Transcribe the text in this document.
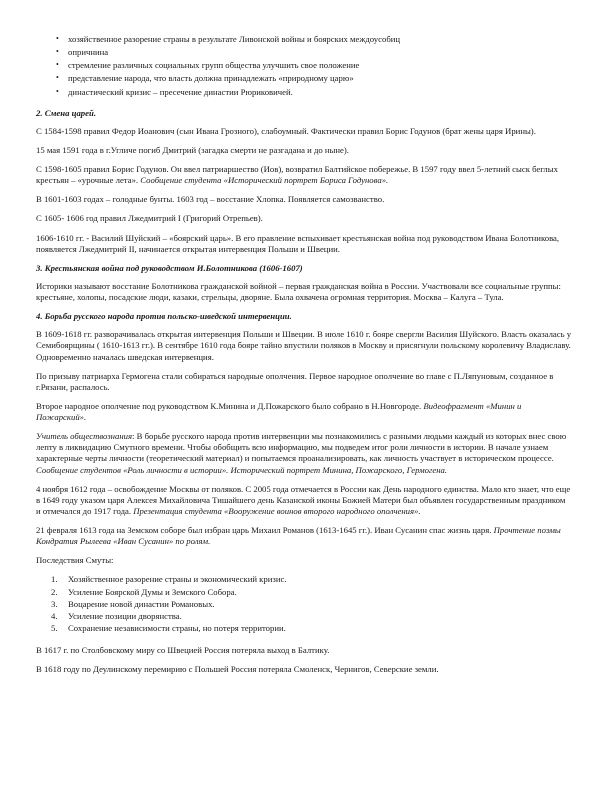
• хозяйственное разорение страны в результате Ливонской войны и боярских междоусобиц
• опричнина
• стремление различных социальных групп общества улучшить свое положение
• представление народа, что власть должна принадлежать «природному царю»
• династический кризис – пресечение династии Рюриковичей.
2. Смена царей.

С 1584-1598 правил Федор Иоанович (сын Ивана Грозного), слабоумный. Фактически правил Борис Годунов (брат жены царя Ирины).

15 мая 1591 года в г.Угличе погиб Дмитрий (загадка смерти не разгадана и до ныне).

С 1598-1605 правил Борис Годунов. Он ввел патриаршество (Иов), возвратил Балтийское побережье. В 1597 году ввел 5-летний сыск беглых крестьян – «урочные лета». Сообщение студента «Исторический портрет Бориса Годунова».

В 1601-1603 годах – голодные бунты. 1603 год – восстание Хлопка. Появляется самозванство.

С 1605- 1606 год правил Лжедмитрий I (Григорий Отрепьев).

1606-1610 гг. - Василий Шуйский – «боярский царь». В его правление вспыхивает крестьянская война под руководством Ивана Болотникова, появляется Лжедмитрий II, начинается открытая интервенция Польши и Швеции.

3. Крестьянская война под руководством И.Болотникова (1606-1607)

Историки называют восстание Болотникова гражданской войной – первая гражданская война в России. Участвовали все социальные группы: крестьяне, холопы, посадские люди, казаки, стрельцы, дворяне. Была охвачена огромная территория. Москва – Калуга – Тула.

4. Борьба русского народа против польско-шведской интервенции.

В 1609-1618 гг. разворачивалась открытая интервенция Польши и Швеции. В июле 1610 г. бояре свергли Василия Шуйского. Власть оказалась у Семибоярщины ( 1610-1613 гг.). В сентябре 1610 года бояре тайно впустили поляков в Москву и присягнули польскому королевичу Владиславу. Одновременно началась шведская интервенция.

По призыву патриарха Гермогена стали собираться народные ополчения. Первое народное ополчение во главе с П.Ляпуновым, созданное в г.Рязани, распалось.

Второе народное ополчение под руководством К.Минина и Д.Пожарского было собрано в Н.Новгороде. Видеофрагмент «Минин и Пожарский».

Учитель обществознания: В борьбе русского народа против интервенции мы познакомились с разными людьми каждый из которых внес свою лепту в ликвидацию Смутного времени. Чтобы обобщить всю информацию, мы подведем итог роли личности в истории. В начале узнаем характерные черты личности (теоретический материал) и попытаемся проанализировать, как личность участвует в историческом процессе. Сообщение студентов «Роль личности в истории». Исторический портрет Минина, Пожарского, Гермогена.

4 ноября 1612 года – освобождение Москвы от поляков. С 2005 года отмечается в России как День народного единства. Мало кто знает, что еще в 1649 году указом царя Алексея Михайловича Тишайшего день Казанской иконы Божией Матери был объявлен государственным праздником и отмечался до 1917 года. Презентация студента «Вооружение воинов второго народного ополчения».

21 февраля 1613 года на Земском соборе был избран царь Михаил Романов (1613-1645 гг.). Иван Сусанин спас жизнь царя. Прочтение поэмы Кондратия Рылеева «Иван Сусанин» по ролям.

Последствия Смуты:

1. Хозяйственное разорение страны и экономический кризис.
2. Усиление Боярской Думы и Земского Собора.
3. Воцарение новой династии Романовых.
4. Усиление позиции дворянства.
5. Сохранение независимости страны, но потеря территории.

В 1617 г. по Столбовскому миру со Швецией Россия потеряла выход в Балтику.

В 1618 году по Деулинскому перемирию с Польшей Россия потеряла Смоленск, Чернигов, Северские земли.
